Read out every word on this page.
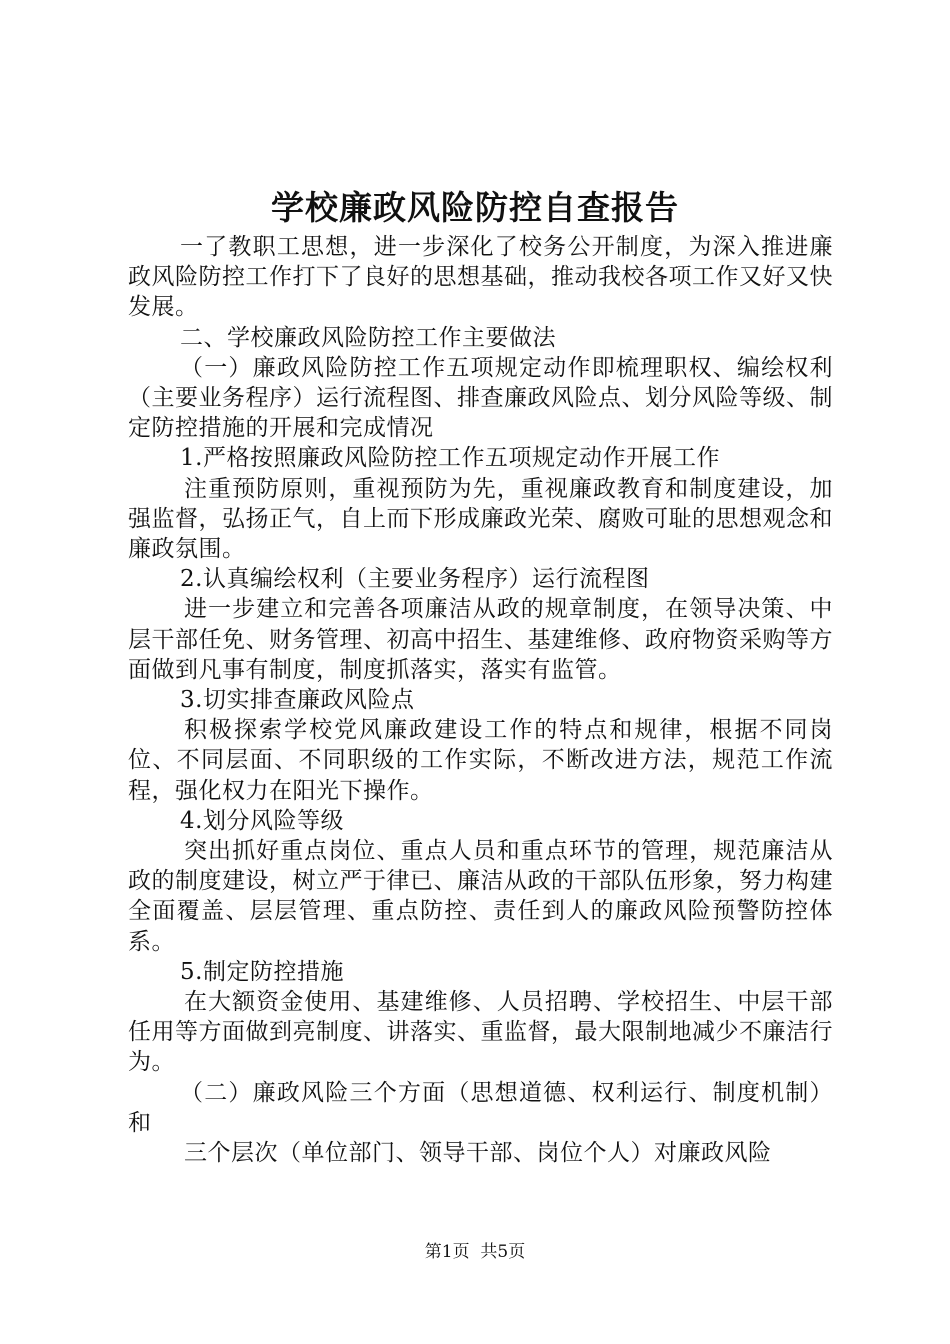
学校廉政风险防控自查报告

一了教职工思想，进一步深化了校务公开制度，为深入推进廉政风险防控工作打下了良好的思想基础，推动我校各项工作又好又快发展。

二、学校廉政风险防控工作主要做法

（一）廉政风险防控工作五项规定动作即梳理职权、编绘权利（主要业务程序）运行流程图、排查廉政风险点、划分风险等级、制定防控措施的开展和完成情况

1.严格按照廉政风险防控工作五项规定动作开展工作

注重预防原则，重视预防为先，重视廉政教育和制度建设，加强监督，弘扬正气，自上而下形成廉政光荣、腐败可耻的思想观念和廉政氛围。

2.认真编绘权利（主要业务程序）运行流程图

进一步建立和完善各项廉洁从政的规章制度，在领导决策、中层干部任免、财务管理、初高中招生、基建维修、政府物资采购等方面做到凡事有制度，制度抓落实，落实有监管。

3.切实排查廉政风险点

积极探索学校党风廉政建设工作的特点和规律，根据不同岗位、不同层面、不同职级的工作实际，不断改进方法，规范工作流程，强化权力在阳光下操作。

4.划分风险等级

突出抓好重点岗位、重点人员和重点环节的管理，规范廉洁从政的制度建设，树立严于律已、廉洁从政的干部队伍形象，努力构建全面覆盖、层层管理、重点防控、责任到人的廉政风险预警防控体系。

5.制定防控措施

在大额资金使用、基建维修、人员招聘、学校招生、中层干部任用等方面做到亮制度、讲落实、重监督，最大限制地减少不廉洁行为。

（二）廉政风险三个方面（思想道德、权利运行、制度机制）和

三个层次（单位部门、领导干部、岗位个人）对廉政风险

第1页 共5页
